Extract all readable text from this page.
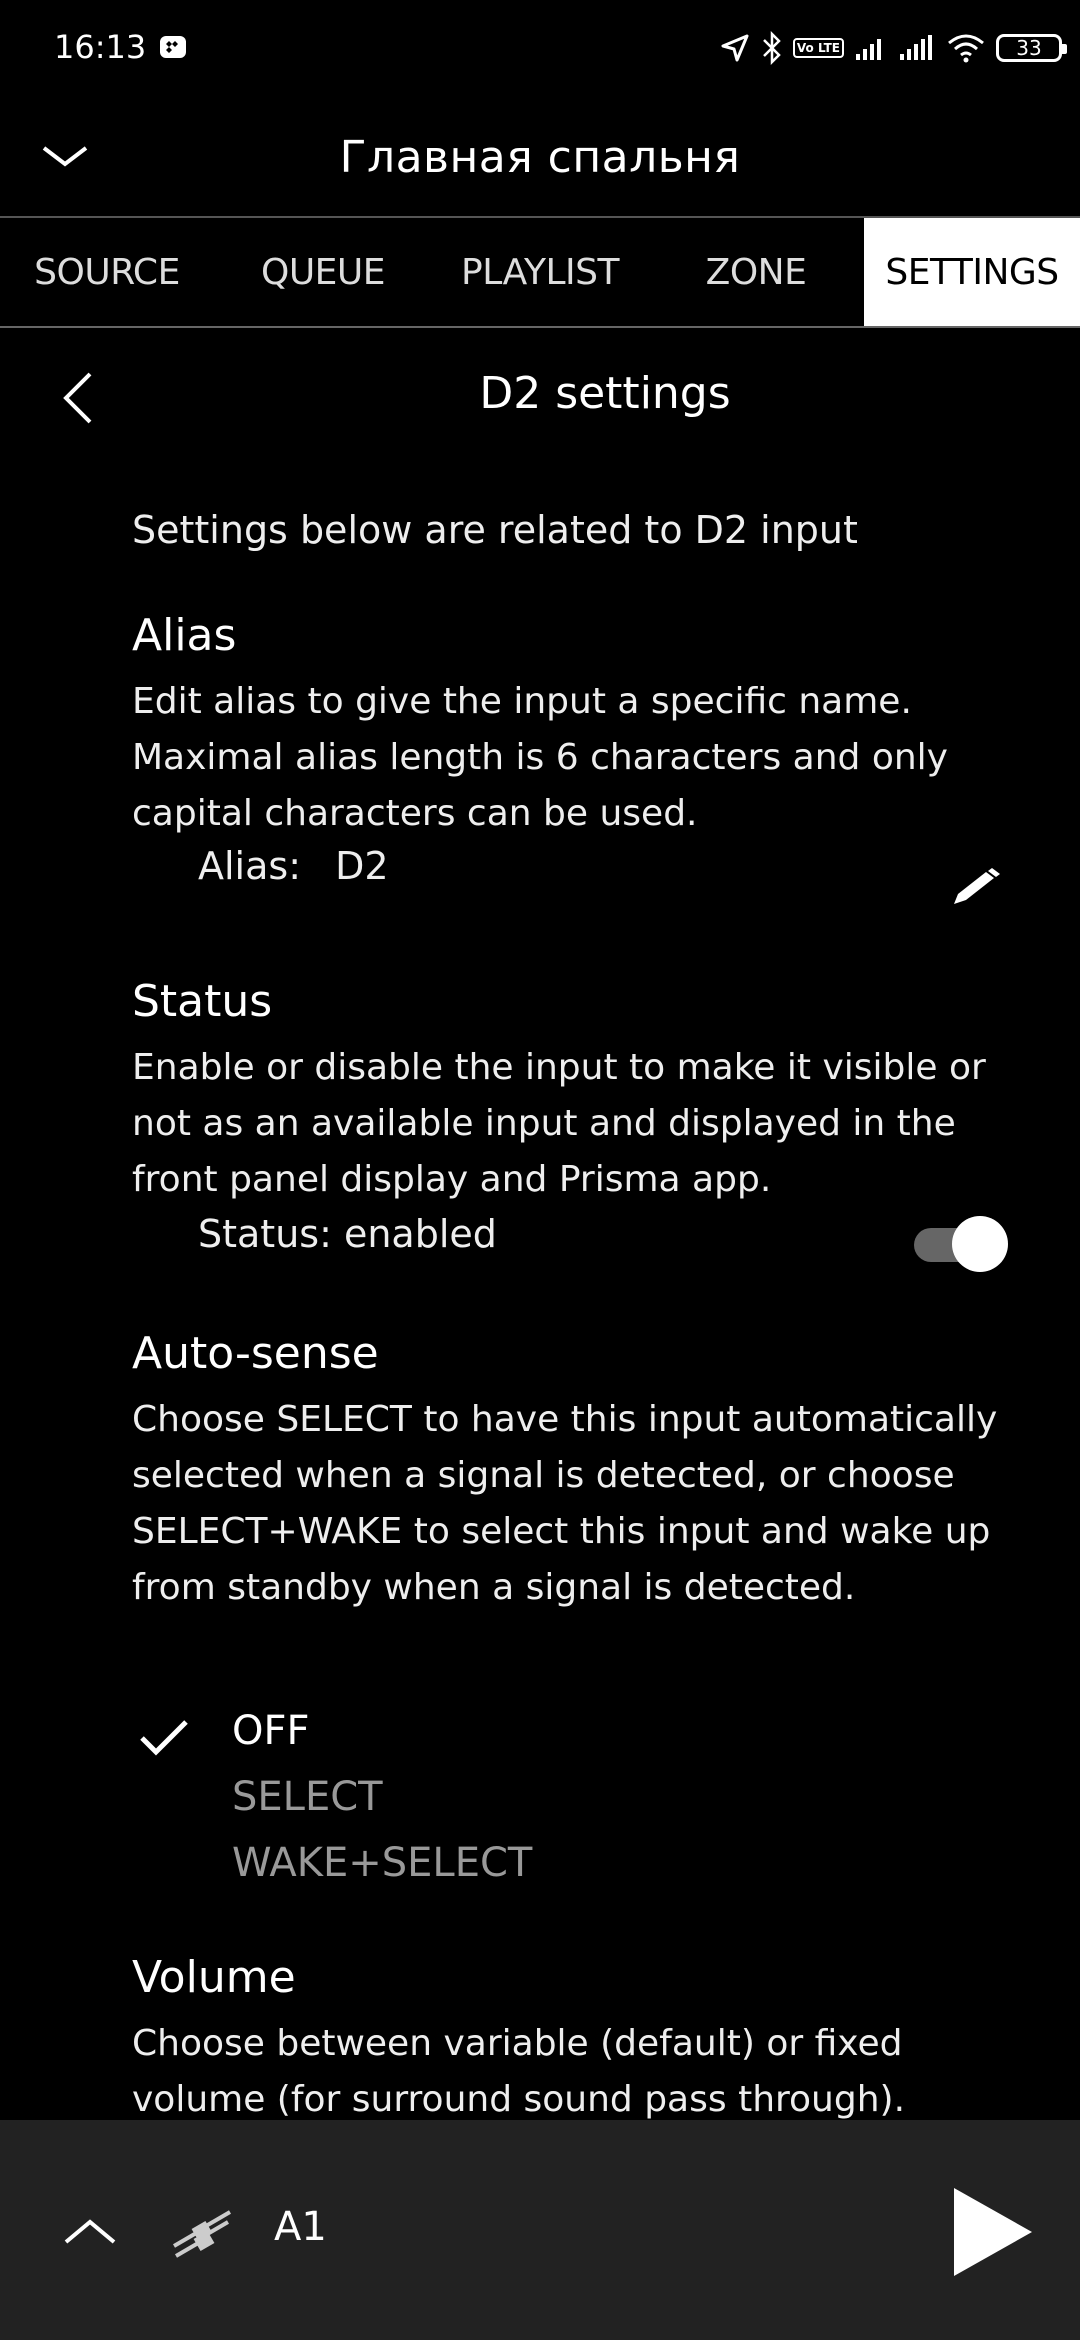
16:13	Vo LTE	33
Главная спальня
SOURCE	QUEUE	PLAYLIST	ZONE	SETTINGS
D2 settings
Settings below are related to D2 input
Alias
Edit alias to give the input a specific name.
Maximal alias length is 6 characters and only
capital characters can be used.
Alias: D2
Status
Enable or disable the input to make it visible or
not as an available input and displayed in the
front panel display and Prisma app.
Status: enabled
Auto-sense
Choose SELECT to have this input automatically
selected when a signal is detected, or choose
SELECT+WAKE to select this input and wake up
from standby when a signal is detected.
OFF
SELECT
WAKE+SELECT
Volume
Choose between variable (default) or fixed
volume (for surround sound pass through).
A1
